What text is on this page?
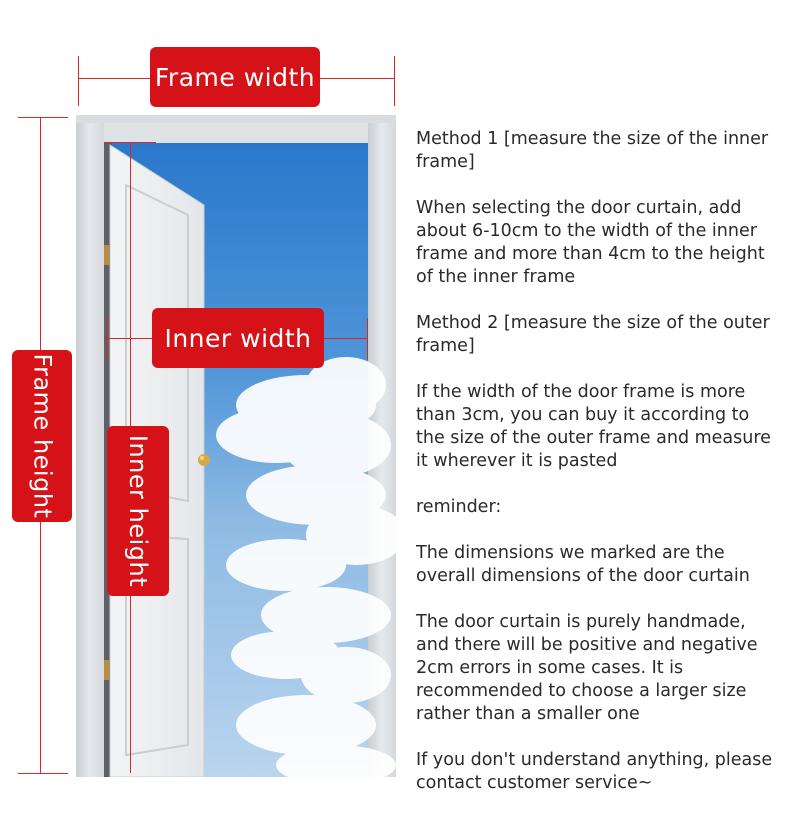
Frame width
Frame height
Inner width
Inner height

Method 1 [measure the size of the inner frame]

When selecting the door curtain, add about 6-10cm to the width of the inner frame and more than 4cm to the height of the inner frame

Method 2 [measure the size of the outer frame]

If the width of the door frame is more than 3cm, you can buy it according to the size of the outer frame and measure it wherever it is pasted

reminder:

The dimensions we marked are the overall dimensions of the door curtain

The door curtain is purely handmade, and there will be positive and negative 2cm errors in some cases. It is recommended to choose a larger size rather than a smaller one

If you don't understand anything, please contact customer service~
